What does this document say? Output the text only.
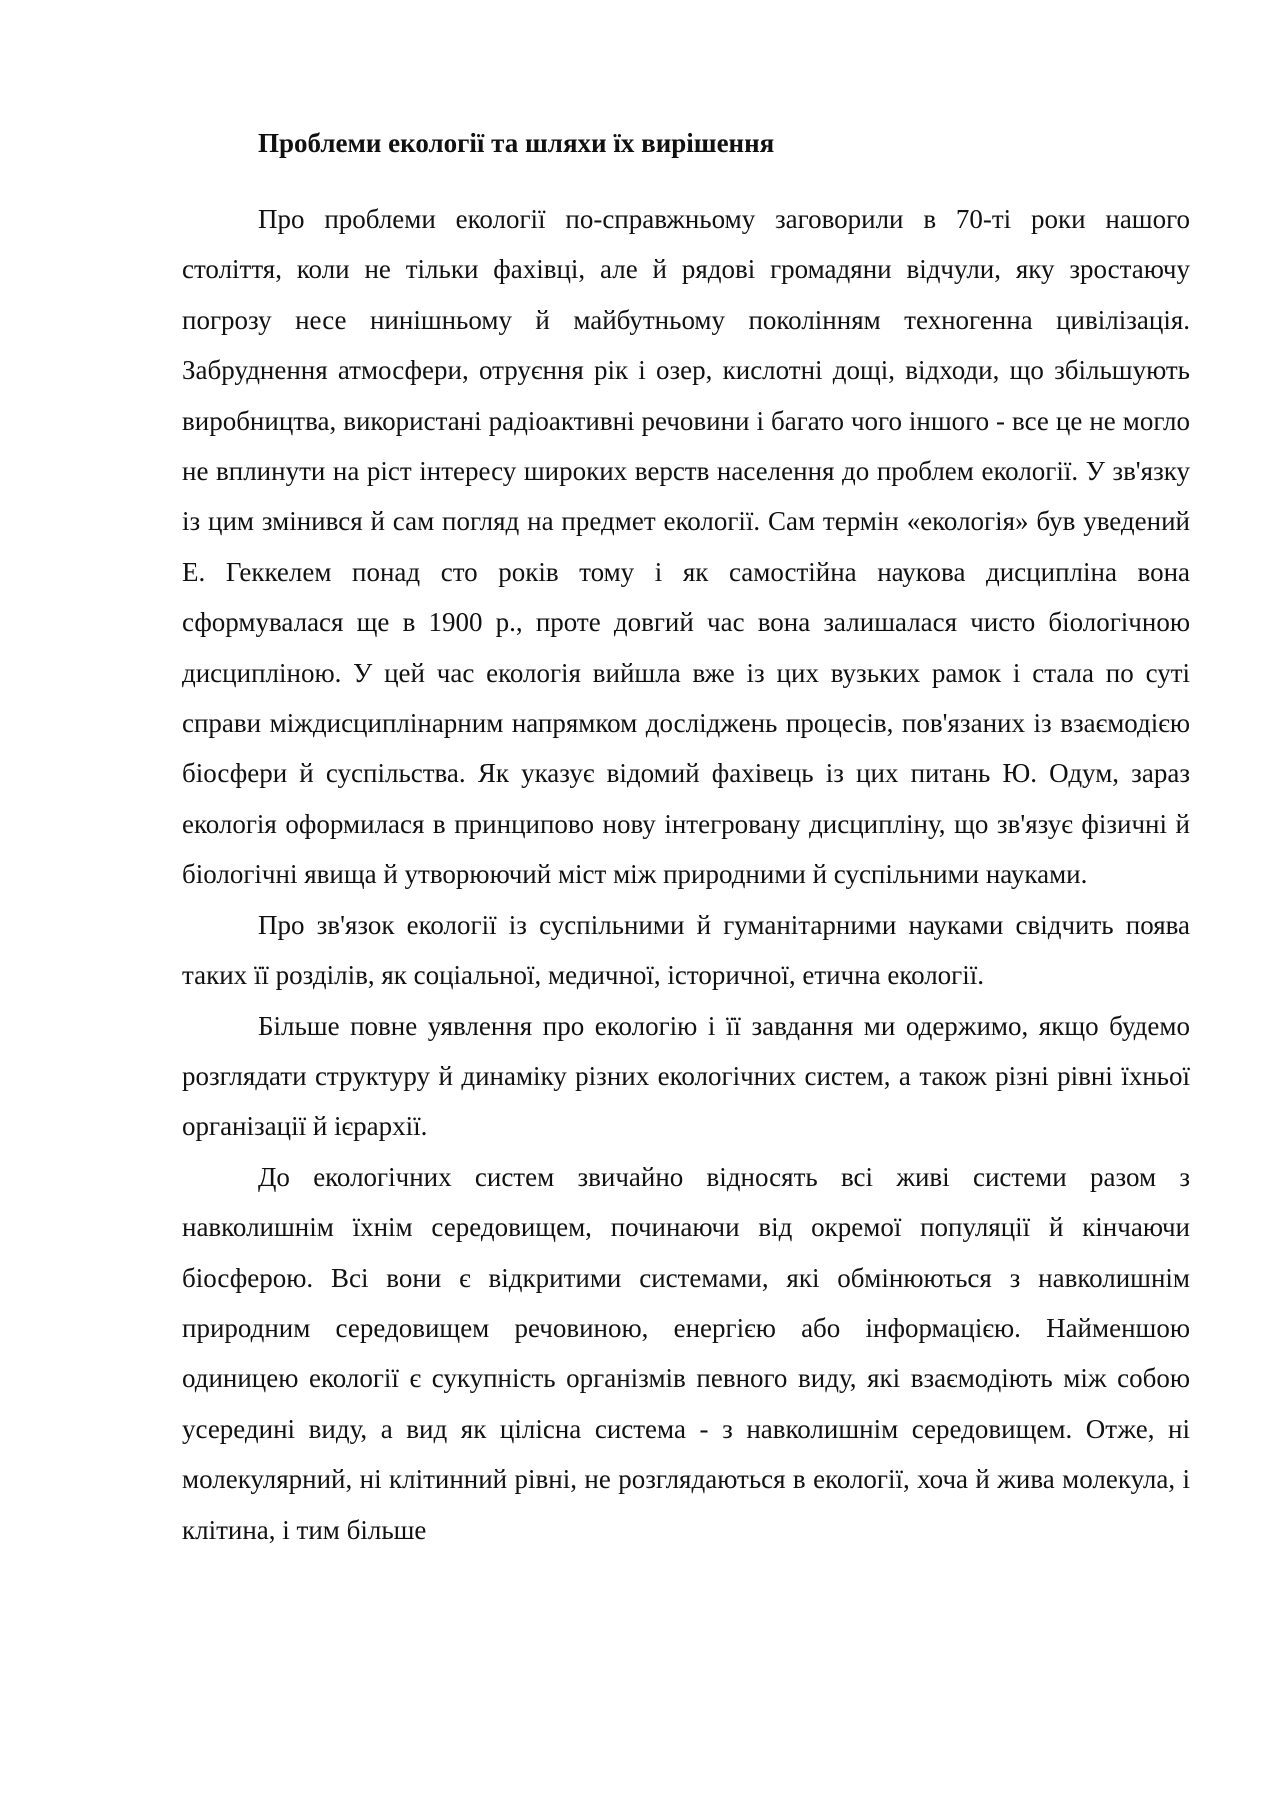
Проблеми екології та шляхи їх вирішення

Про проблеми екології по-справжньому заговорили в 70-ті роки нашого століття, коли не тільки фахівці, але й рядові громадяни відчули, яку зростаючу погрозу несе нинішньому й майбутньому поколінням техногенна цивілізація. Забруднення атмосфери, отруєння рік і озер, кислотні дощі, відходи, що збільшують виробництва, використані радіоактивні речовини і багато чого іншого - все це не могло не вплинути на ріст інтересу широких верств населення до проблем екології. У зв'язку із цим змінився й сам погляд на предмет екології. Сам термін «екологія» був уведений Е. Геккелем понад сто років тому і як самостійна наукова дисципліна вона сформувалася ще в 1900 р., проте довгий час вона залишалася чисто біологічною дисципліною. У цей час екологія вийшла вже із цих вузьких рамок і стала по суті справи міждисциплінарним напрямком досліджень процесів, пов'язаних із взаємодією біосфери й суспільства. Як указує відомий фахівець із цих питань Ю. Одум, зараз екологія оформилася в принципово нову інтегровану дисципліну, що зв'язує фізичні й біологічні явища й утворюючий міст між природними й суспільними науками.

Про зв'язок екології із суспільними й гуманітарними науками свідчить поява таких її розділів, як соціальної, медичної, історичної, етична екології.

Більше повне уявлення про екологію і її завдання ми одержимо, якщо будемо розглядати структуру й динаміку різних екологічних систем, а також різні рівні їхньої організації й ієрархії.

До екологічних систем звичайно відносять всі живі системи разом з навколишнім їхнім середовищем, починаючи від окремої популяції й кінчаючи біосферою. Всі вони є відкритими системами, які обмінюються з навколишнім природним середовищем речовиною, енергією або інформацією. Найменшою одиницею екології є сукупність організмів певного виду, які взаємодіють між собою усередині виду, а вид як цілісна система - з навколишнім середовищем. Отже, ні молекулярний, ні клітинний рівні, не розглядаються в екології, хоча й жива молекула, і клітина, і тим більше
